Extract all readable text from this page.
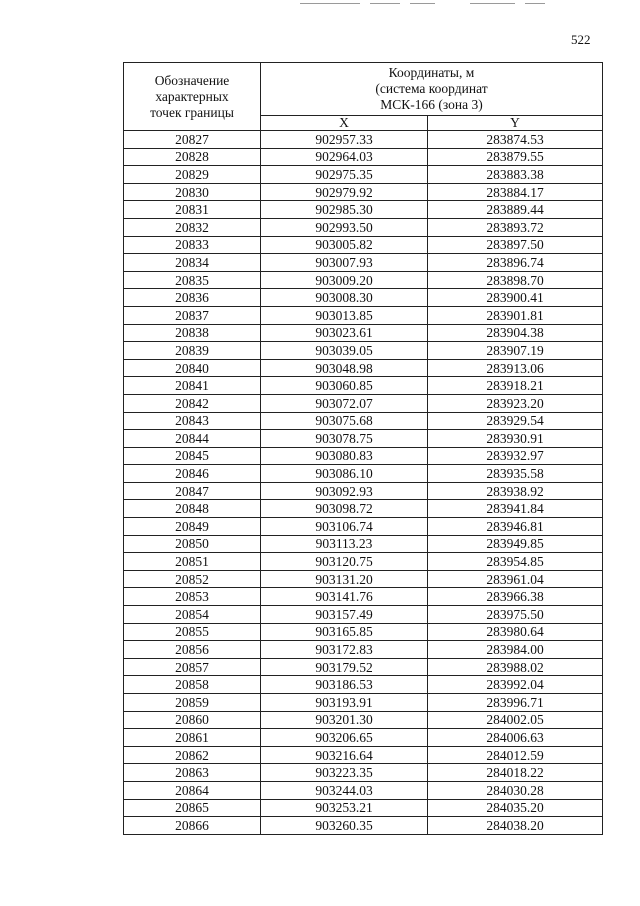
522
Обозначение
характерных
точек границы	Координаты, м
(система координат
МСК-166 (зона 3)	

	X	Y
20827	902957.33	283874.53
20828	902964.03	283879.55
20829	902975.35	283883.38
20830	902979.92	283884.17
20831	902985.30	283889.44
20832	902993.50	283893.72
20833	903005.82	283897.50
20834	903007.93	283896.74
20835	903009.20	283898.70
20836	903008.30	283900.41
20837	903013.85	283901.81
20838	903023.61	283904.38
20839	903039.05	283907.19
20840	903048.98	283913.06
20841	903060.85	283918.21
20842	903072.07	283923.20
20843	903075.68	283929.54
20844	903078.75	283930.91
20845	903080.83	283932.97
20846	903086.10	283935.58
20847	903092.93	283938.92
20848	903098.72	283941.84
20849	903106.74	283946.81
20850	903113.23	283949.85
20851	903120.75	283954.85
20852	903131.20	283961.04
20853	903141.76	283966.38
20854	903157.49	283975.50
20855	903165.85	283980.64
20856	903172.83	283984.00
20857	903179.52	283988.02
20858	903186.53	283992.04
20859	903193.91	283996.71
20860	903201.30	284002.05
20861	903206.65	284006.63
20862	903216.64	284012.59
20863	903223.35	284018.22
20864	903244.03	284030.28
20865	903253.21	284035.20
20866	903260.35	284038.20
